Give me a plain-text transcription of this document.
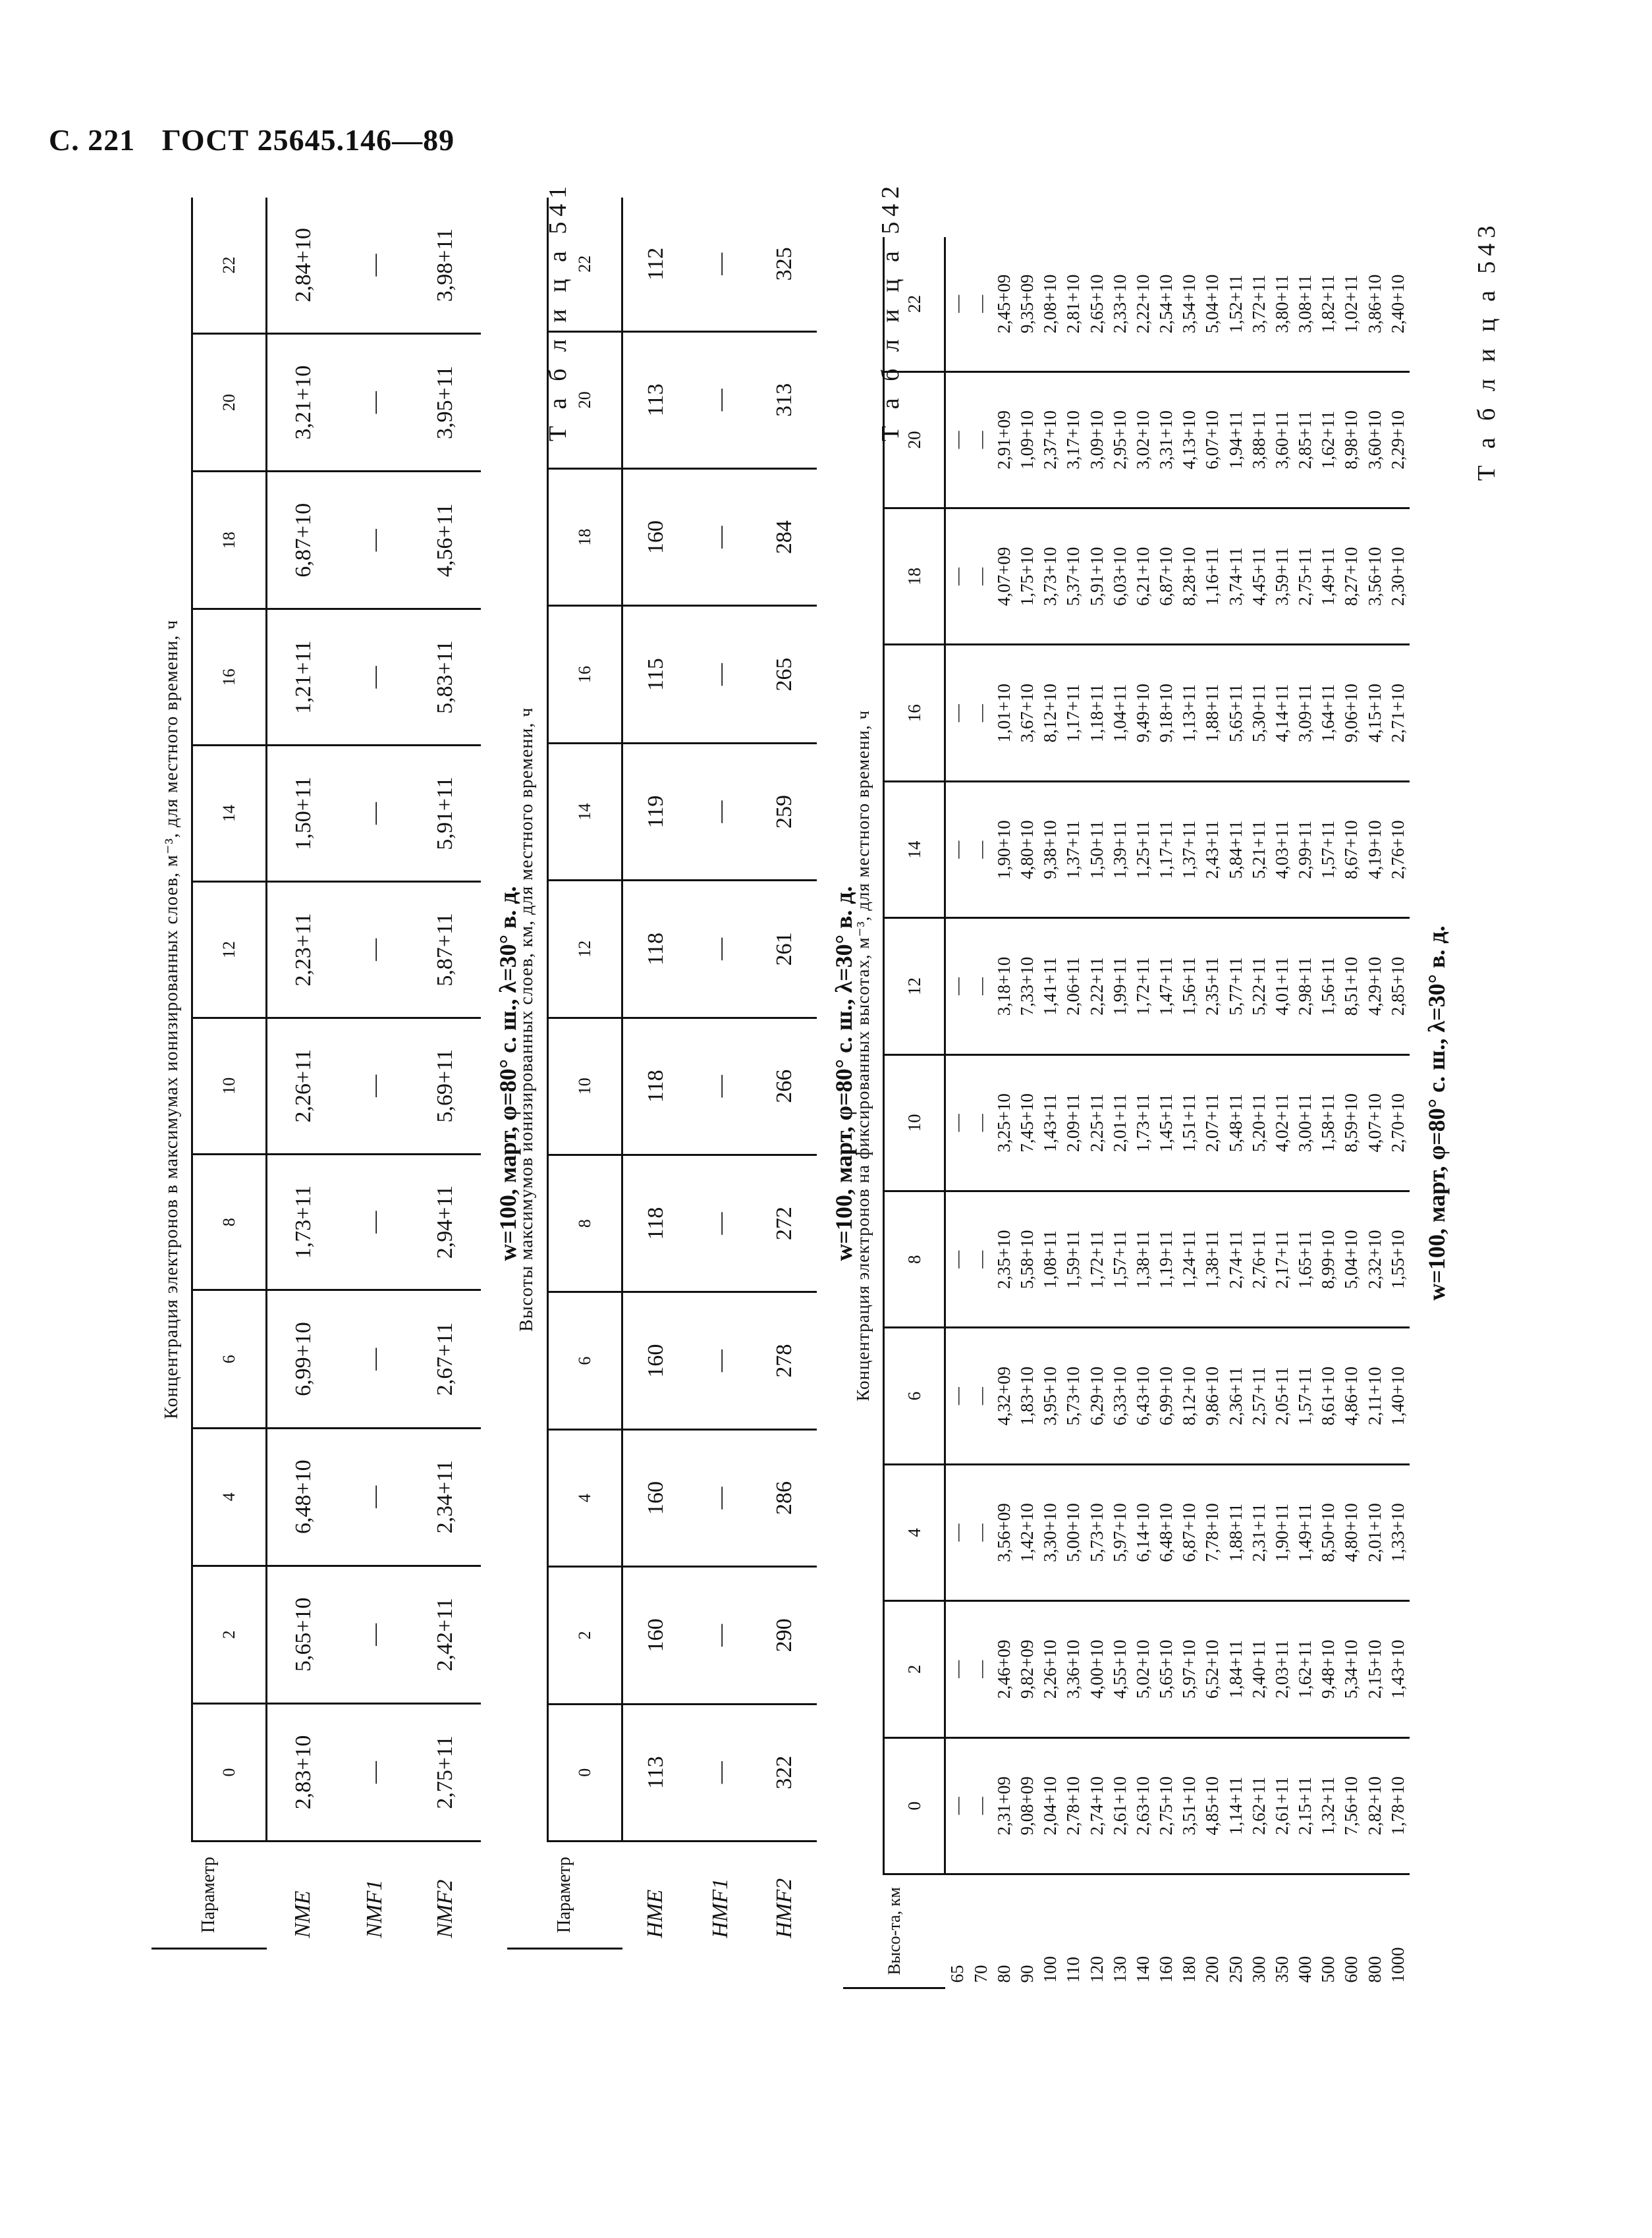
С. 221 ГОСТ 25645.146—89
Т а б л и ц а 541
w=100, март, φ=80° с. ш., λ=30° в. д.
Параметр	Концентрация электронов в максимумах ионизированных слоев, м⁻³, для местного времени, ч											
	0	2	4	6	8	10	12	14	16	18	20	22
NME	2,83+10	5,65+10	6,48+10	6,99+10	1,73+11	2,26+11	2,23+11	1,50+11	1,21+11	6,87+10	3,21+10	2,84+10
NMF1	—	—	—	—	—	—	—	—	—	—	—	—
NMF2	2,75+11	2,42+11	2,34+11	2,67+11	2,94+11	5,69+11	5,87+11	5,91+11	5,83+11	4,56+11	3,95+11	3,98+11	Т а б л и ц а 542
w=100, март, φ=80° с. ш., λ=30° в. д.
Параметр	Высоты максимумов ионизированных слоев, км, для местного времени, ч											
	0	2	4	6	8	10	12	14	16	18	20	22
HME	113	160	160	160	118	118	118	119	115	160	113	112
HMF1	—	—	—	—	—	—	—	—	—	—	—	—
HMF2	322	290	286	278	272	266	261	259	265	284	313	325	Т а б л и ц а 543
w=100, март, φ=80° с. ш., λ=30° в. д.
Высо-та, км	Концентрация электронов на фиксированных высотах, м⁻³, для местного времени, ч											
	0	2	4	6	8	10	12	14	16	18	20	22
65	—	—	—	—	—	—	—	—	—	—	—	—
70	—	—	—	—	—	—	—	—	—	—	—	—
80	2,31+09	2,46+09	3,56+09	4,32+09	2,35+10	3,25+10	3,18+10	1,90+10	1,01+10	4,07+09	2,91+09	2,45+09
90	9,08+09	9,82+09	1,42+10	1,83+10	5,58+10	7,45+10	7,33+10	4,80+10	3,67+10	1,75+10	1,09+10	9,35+09
100	2,04+10	2,26+10	3,30+10	3,95+10	1,08+11	1,43+11	1,41+11	9,38+10	8,12+10	3,73+10	2,37+10	2,08+10
110	2,78+10	3,36+10	5,00+10	5,73+10	1,59+11	2,09+11	2,06+11	1,37+11	1,17+11	5,37+10	3,17+10	2,81+10
120	2,74+10	4,00+10	5,73+10	6,29+10	1,72+11	2,25+11	2,22+11	1,50+11	1,18+11	5,91+10	3,09+10	2,65+10
130	2,61+10	4,55+10	5,97+10	6,33+10	1,57+11	2,01+11	1,99+11	1,39+11	1,04+11	6,03+10	2,95+10	2,33+10
140	2,63+10	5,02+10	6,14+10	6,43+10	1,38+11	1,73+11	1,72+11	1,25+11	9,49+10	6,21+10	3,02+10	2,22+10
160	2,75+10	5,65+10	6,48+10	6,99+10	1,19+11	1,45+11	1,47+11	1,17+11	9,18+10	6,87+10	3,31+10	2,54+10
180	3,51+10	5,97+10	6,87+10	8,12+10	1,24+11	1,51+11	1,56+11	1,37+11	1,13+11	8,28+10	4,13+10	3,54+10
200	4,85+10	6,52+10	7,78+10	9,86+10	1,38+11	2,07+11	2,35+11	2,43+11	1,88+11	1,16+11	6,07+10	5,04+10
250	1,14+11	1,84+11	1,88+11	2,36+11	2,74+11	5,48+11	5,77+11	5,84+11	5,65+11	3,74+11	1,94+11	1,52+11
300	2,62+11	2,40+11	2,31+11	2,57+11	2,76+11	5,20+11	5,22+11	5,21+11	5,30+11	4,45+11	3,88+11	3,72+11
350	2,61+11	2,03+11	1,90+11	2,05+11	2,17+11	4,02+11	4,01+11	4,03+11	4,14+11	3,59+11	3,60+11	3,80+11
400	2,15+11	1,62+11	1,49+11	1,57+11	1,65+11	3,00+11	2,98+11	2,99+11	3,09+11	2,75+11	2,85+11	3,08+11
500	1,32+11	9,48+10	8,50+10	8,61+10	8,99+10	1,58+11	1,56+11	1,57+11	1,64+11	1,49+11	1,62+11	1,82+11
600	7,56+10	5,34+10	4,80+10	4,86+10	5,04+10	8,59+10	8,51+10	8,67+10	9,06+10	8,27+10	8,98+10	1,02+11
800	2,82+10	2,15+10	2,01+10	2,11+10	2,32+10	4,07+10	4,29+10	4,19+10	4,15+10	3,56+10	3,60+10	3,86+10
1000	1,78+10	1,43+10	1,33+10	1,40+10	1,55+10	2,70+10	2,85+10	2,76+10	2,71+10	2,30+10	2,29+10	2,40+10
